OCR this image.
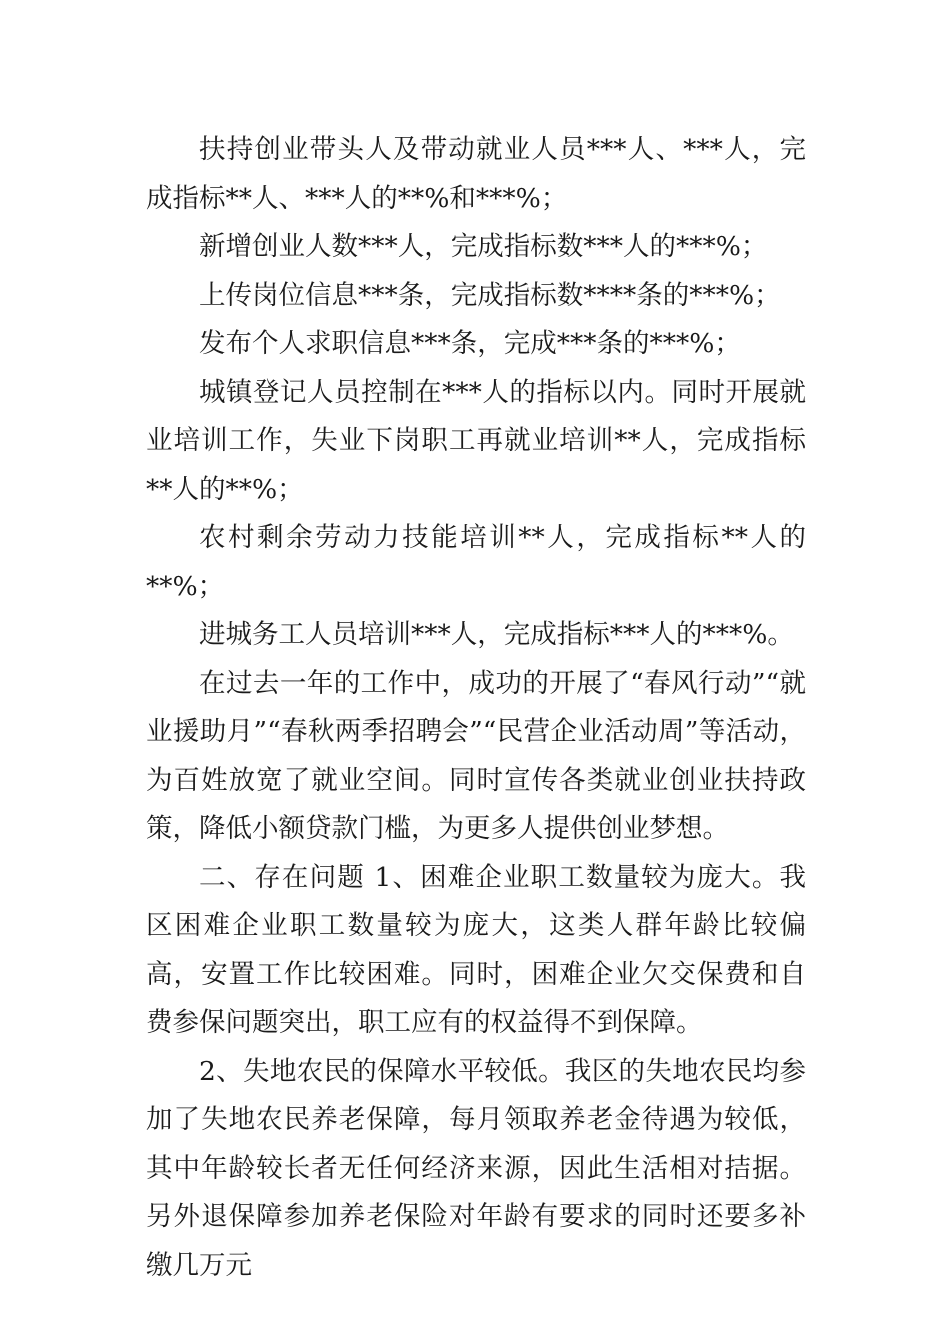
扶持创业带头人及带动就业人员***人、***人，完成指标**人、***人的**%和***%；

新增创业人数***人，完成指标数***人的***%；

上传岗位信息***条，完成指标数****条的***%；

发布个人求职信息***条，完成***条的***%；

城镇登记人员控制在***人的指标以内。同时开展就业培训工作，失业下岗职工再就业培训**人，完成指标**人的**%；

农村剩余劳动力技能培训**人，完成指标**人的**%；

进城务工人员培训***人，完成指标***人的***%。

在过去一年的工作中，成功的开展了“春风行动”“就业援助月”“春秋两季招聘会”“民营企业活动周”等活动，为百姓放宽了就业空间。同时宣传各类就业创业扶持政策，降低小额贷款门槛，为更多人提供创业梦想。

二、存在问题 1、困难企业职工数量较为庞大。我区困难企业职工数量较为庞大，这类人群年龄比较偏高，安置工作比较困难。同时，困难企业欠交保费和自费参保问题突出，职工应有的权益得不到保障。

2、失地农民的保障水平较低。我区的失地农民均参加了失地农民养老保障，每月领取养老金待遇为较低，其中年龄较长者无任何经济来源，因此生活相对拮据。另外退保障参加养老保险对年龄有要求的同时还要多补缴几万元
